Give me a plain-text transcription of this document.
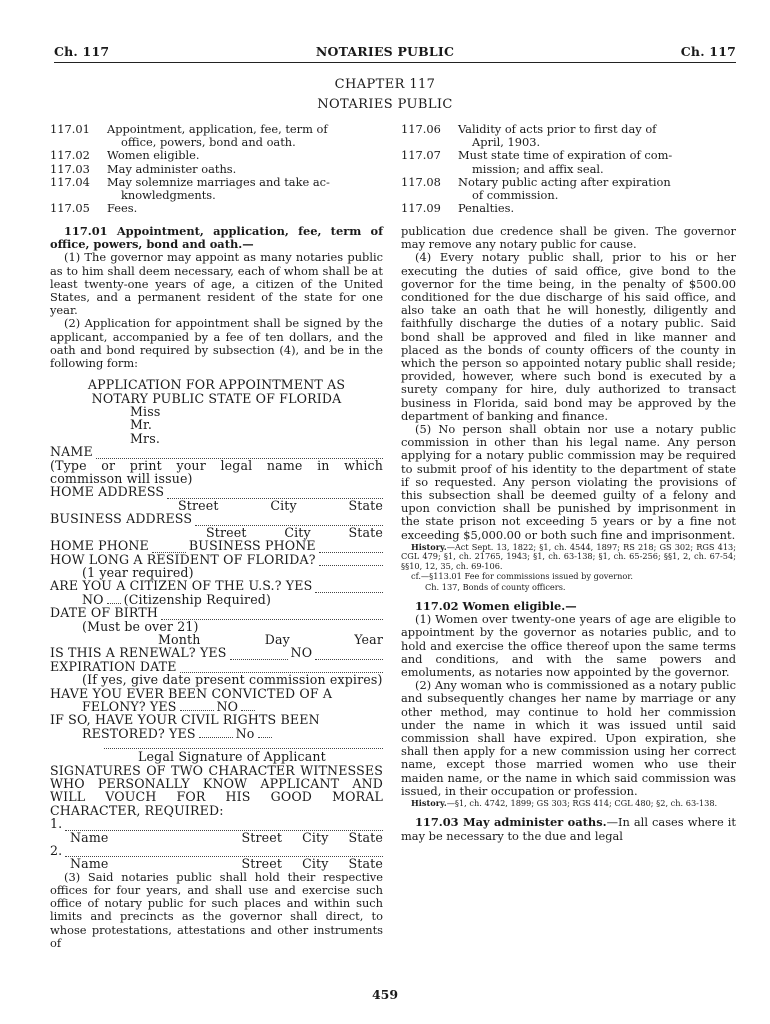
Ch. 117	NOTARIES PUBLIC	Ch. 117
CHAPTER 117
NOTARIES PUBLIC
117.01	Appointment, application, fee, term of
office, powers, bond and oath.
117.02	Women eligible.
117.03	May administer oaths.
117.04	May solemnize marriages and take ac-
knowledgments.
117.05	Fees.
117.06	Validity of acts prior to first day of
April, 1903.
117.07	Must state time of expiration of com-
mission; and affix seal.
117.08	Notary public acting after expiration
of commission.
117.09	Penalties.

117.01 Appointment, application, fee, term of office, powers, bond and oath.—

(1) The governor may appoint as many notaries public as to him shall deem necessary, each of whom shall be at least twenty-one years of age, a citizen of the United States, and a permanent resident of the state for one year.

(2) Application for appointment shall be signed by the applicant, accompanied by a fee of ten dollars, and the oath and bond required by subsection (4), and be in the following form:

APPLICATION FOR APPOINTMENT AS
NOTARY PUBLIC STATE OF FLORIDA
Miss
Mr.
Mrs.
NAME
(Type or print your legal name in which commisson will issue)
HOME ADDRESS
Street	City	State
BUSINESS ADDRESS
Street	City	State
HOME PHONE	BUSINESS PHONE
HOW LONG A RESIDENT OF FLORIDA?
(1 year required)
ARE YOU A CITIZEN OF THE U.S.? YES
NO (Citizenship Required)
DATE OF BIRTH
(Must be over 21)
Month	Day	Year
IS THIS A RENEWAL? YES	NO
EXPIRATION DATE
(If yes, give date present commission expires)
HAVE YOU EVER BEEN CONVICTED OF A
FELONY? YES	NO
IF SO, HAVE YOUR CIVIL RIGHTS BEEN
RESTORED? YES	No
Legal Signature of Applicant
SIGNATURES OF TWO CHARACTER WITNESSES WHO PERSONALLY KNOW APPLICANT AND WILL VOUCH FOR HIS GOOD MORAL CHARACTER, REQUIRED:
1.
Name	Street City State
2.
Name	Street City State

(3) Said notaries public shall hold their respective offices for four years, and shall use and exercise such office of notary public for such places and within such limits and precincts as the governor shall direct, to whose protestations, attestations and other instruments of

publication due credence shall be given. The governor may remove any notary public for cause.

(4) Every notary public shall, prior to his or her executing the duties of said office, give bond to the governor for the time being, in the penalty of $500.00 conditioned for the due discharge of his said office, and also take an oath that he will honestly, diligently and faithfully discharge the duties of a notary public. Said bond shall be approved and filed in like manner and placed as the bonds of county officers of the county in which the person so appointed notary public shall reside; provided, however, where such bond is executed by a surety company for hire, duly authorized to transact business in Florida, said bond may be approved by the department of banking and finance.

(5) No person shall obtain nor use a notary public commission in other than his legal name. Any person applying for a notary public commission may be required to submit proof of his identity to the department of state if so requested. Any person violating the provisions of this subsection shall be deemed guilty of a felony and upon conviction shall be punished by imprisonment in the state prison not exceeding 5 years or by a fine not exceeding $5,000.00 or both such fine and imprisonment.

History.—Act Sept. 13, 1822; §1, ch. 4544, 1897; RS 218; GS 302; RGS 413; CGL 479; §1, ch. 21765, 1943; §1, ch. 63-138; §1, ch. 65-256; §§1, 2, ch. 67-54; §§10, 12, 35, ch. 69-106.
cf.—§113.01 Fee for commissions issued by governor.
Ch. 137, Bonds of county officers.

117.02 Women eligible.—

(1) Women over twenty-one years of age are eligible to appointment by the governor as notaries public, and to hold and exercise the office thereof upon the same terms and conditions, and with the same powers and emoluments, as notaries now appointed by the governor.

(2) Any woman who is commissioned as a notary public and subsequently changes her name by marriage or any other method, may continue to hold her commission under the name in which it was issued until said commission shall have expired. Upon expiration, she shall then apply for a new commission using her correct name, except those married women who use their maiden name, or the name in which said commission was issued, in their occupation or profession.

History.—§1, ch. 4742, 1899; GS 303; RGS 414; CGL 480; §2, ch. 63-138.

117.03 May administer oaths.—In all cases where it may be necessary to the due and legal

459
